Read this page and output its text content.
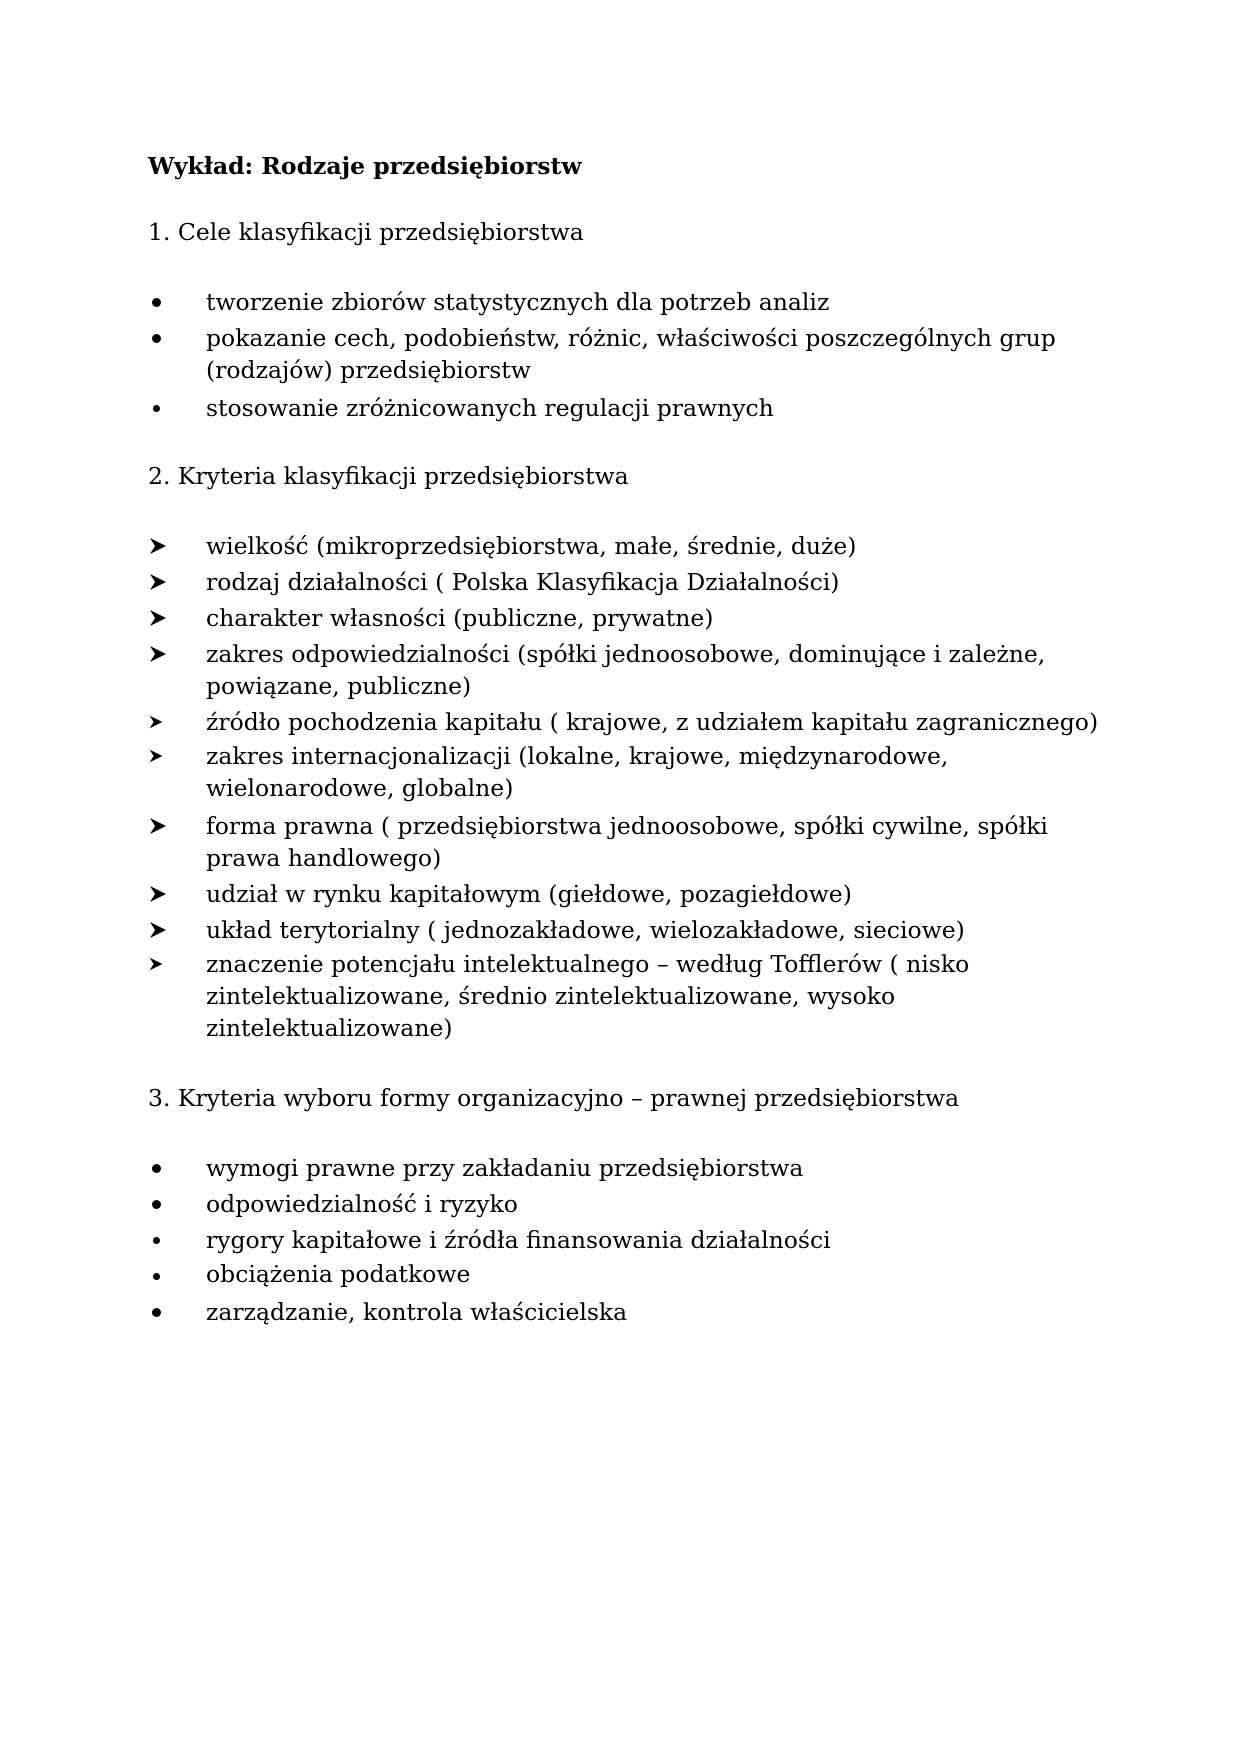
Wykład: Rodzaje przedsiębiorstw
1. Cele klasyfikacji przedsiębiorstwa
tworzenie zbiorów statystycznych dla potrzeb analiz
pokazanie cech, podobieństw, różnic, właściwości poszczególnych grup
(rodzajów) przedsiębiorstw
stosowanie zróżnicowanych regulacji prawnych
2. Kryteria klasyfikacji przedsiębiorstwa
wielkość (mikroprzedsiębiorstwa, małe, średnie, duże)
rodzaj działalności ( Polska Klasyfikacja Działalności)
charakter własności (publiczne, prywatne)
zakres odpowiedzialności (spółki jednoosobowe, dominujące i zależne,
powiązane, publiczne)
źródło pochodzenia kapitału ( krajowe, z udziałem kapitału zagranicznego)
zakres internacjonalizacji (lokalne, krajowe, międzynarodowe,
wielonarodowe, globalne)
forma prawna ( przedsiębiorstwa jednoosobowe, spółki cywilne, spółki
prawa handlowego)
udział w rynku kapitałowym (giełdowe, pozagiełdowe)
układ terytorialny ( jednozakładowe, wielozakładowe, sieciowe)
znaczenie potencjału intelektualnego – według Tofflerów ( nisko
zintelektualizowane, średnio zintelektualizowane, wysoko
zintelektualizowane)
3. Kryteria wyboru formy organizacyjno – prawnej przedsiębiorstwa
wymogi prawne przy zakładaniu przedsiębiorstwa
odpowiedzialność i ryzyko
rygory kapitałowe i źródła finansowania działalności
obciążenia podatkowe
zarządzanie, kontrola właścicielska
